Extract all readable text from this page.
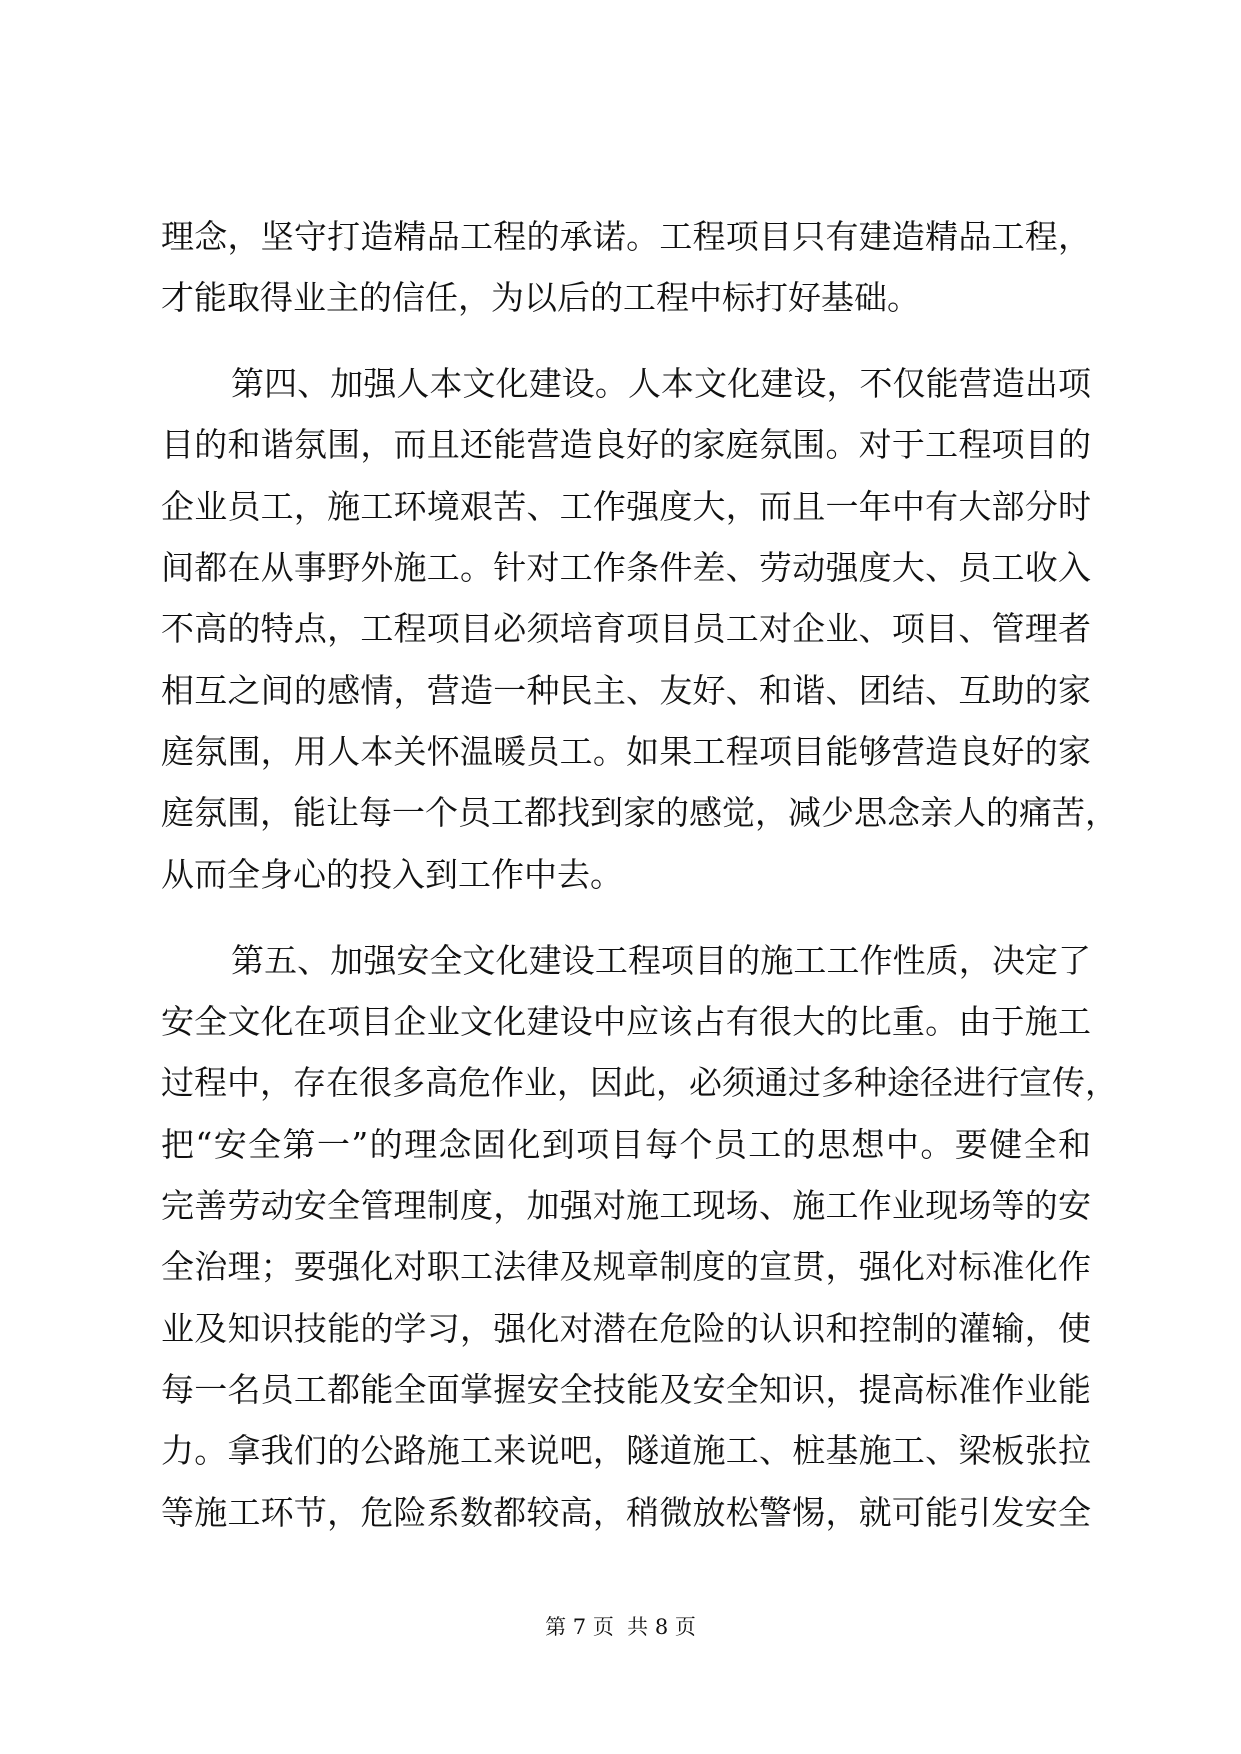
理念，坚守打造精品工程的承诺。工程项目只有建造精品工程，
才能取得业主的信任，为以后的工程中标打好基础。
第四、加强人本文化建设。人本文化建设，不仅能营造出项
目的和谐氛围，而且还能营造良好的家庭氛围。对于工程项目的
企业员工，施工环境艰苦、工作强度大，而且一年中有大部分时
间都在从事野外施工。针对工作条件差、劳动强度大、员工收入
不高的特点，工程项目必须培育项目员工对企业、项目、管理者
相互之间的感情，营造一种民主、友好、和谐、团结、互助的家
庭氛围，用人本关怀温暖员工。如果工程项目能够营造良好的家
庭氛围，能让每一个员工都找到家的感觉，减少思念亲人的痛苦，
从而全身心的投入到工作中去。
第五、加强安全文化建设工程项目的施工工作性质，决定了
安全文化在项目企业文化建设中应该占有很大的比重。由于施工
过程中，存在很多高危作业，因此，必须通过多种途径进行宣传，
把“安全第一”的理念固化到项目每个员工的思想中。要健全和
完善劳动安全管理制度，加强对施工现场、施工作业现场等的安
全治理；要强化对职工法律及规章制度的宣贯，强化对标准化作
业及知识技能的学习，强化对潜在危险的认识和控制的灌输，使
每一名员工都能全面掌握安全技能及安全知识，提高标准作业能
力。拿我们的公路施工来说吧，隧道施工、桩基施工、梁板张拉
等施工环节，危险系数都较高，稍微放松警惕，就可能引发安全
第 7 页  共 8 页
